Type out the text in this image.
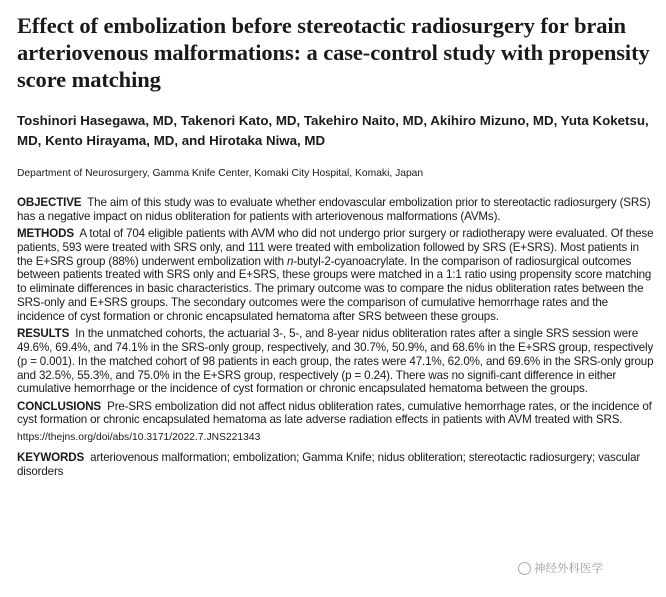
Effect of embolization before stereotactic radiosurgery for brain arteriovenous malformations: a case-control study with propensity score matching
Toshinori Hasegawa, MD, Takenori Kato, MD, Takehiro Naito, MD, Akihiro Mizuno, MD, Yuta Koketsu, MD, Kento Hirayama, MD, and Hirotaka Niwa, MD
Department of Neurosurgery, Gamma Knife Center, Komaki City Hospital, Komaki, Japan

OBJECTIVE The aim of this study was to evaluate whether endovascular embolization prior to stereotactic radiosurgery (SRS) has a negative impact on nidus obliteration for patients with arteriovenous malformations (AVMs).

METHODS A total of 704 eligible patients with AVM who did not undergo prior surgery or radiotherapy were evaluated. Of these patients, 593 were treated with SRS only, and 111 were treated with embolization followed by SRS (E+SRS). Most patients in the E+SRS group (88%) underwent embolization with n-butyl-2-cyanoacrylate. In the comparison of radiosurgical outcomes between patients treated with SRS only and E+SRS, these groups were matched in a 1:1 ratio using propensity score matching to eliminate differences in basic characteristics. The primary outcome was to compare the nidus obliteration rates between the SRS-only and E+SRS groups. The secondary outcomes were the comparison of cumulative hemorrhage rates and the incidence of cyst formation or chronic encapsulated hematoma after SRS between these groups.

RESULTS In the unmatched cohorts, the actuarial 3-, 5-, and 8-year nidus obliteration rates after a single SRS session were 49.6%, 69.4%, and 74.1% in the SRS-only group, respectively, and 30.7%, 50.9%, and 68.6% in the E+SRS group, respectively (p = 0.001). In the matched cohort of 98 patients in each group, the rates were 47.1%, 62.0%, and 69.6% in the SRS-only group and 32.5%, 55.3%, and 75.0% in the E+SRS group, respectively (p = 0.24). There was no signifi-cant difference in either cumulative hemorrhage or the incidence of cyst formation or chronic encapsulated hematoma between the groups.

CONCLUSIONS Pre-SRS embolization did not affect nidus obliteration rates, cumulative hemorrhage rates, or the incidence of cyst formation or chronic encapsulated hematoma as late adverse radiation effects in patients with AVM treated with SRS.

https://thejns.org/doi/abs/10.3171/2022.7.JNS221343

KEYWORDS arteriovenous malformation; embolization; Gamma Knife; nidus obliteration; stereotactic radiosurgery; vascular disorders

神经外科医学
